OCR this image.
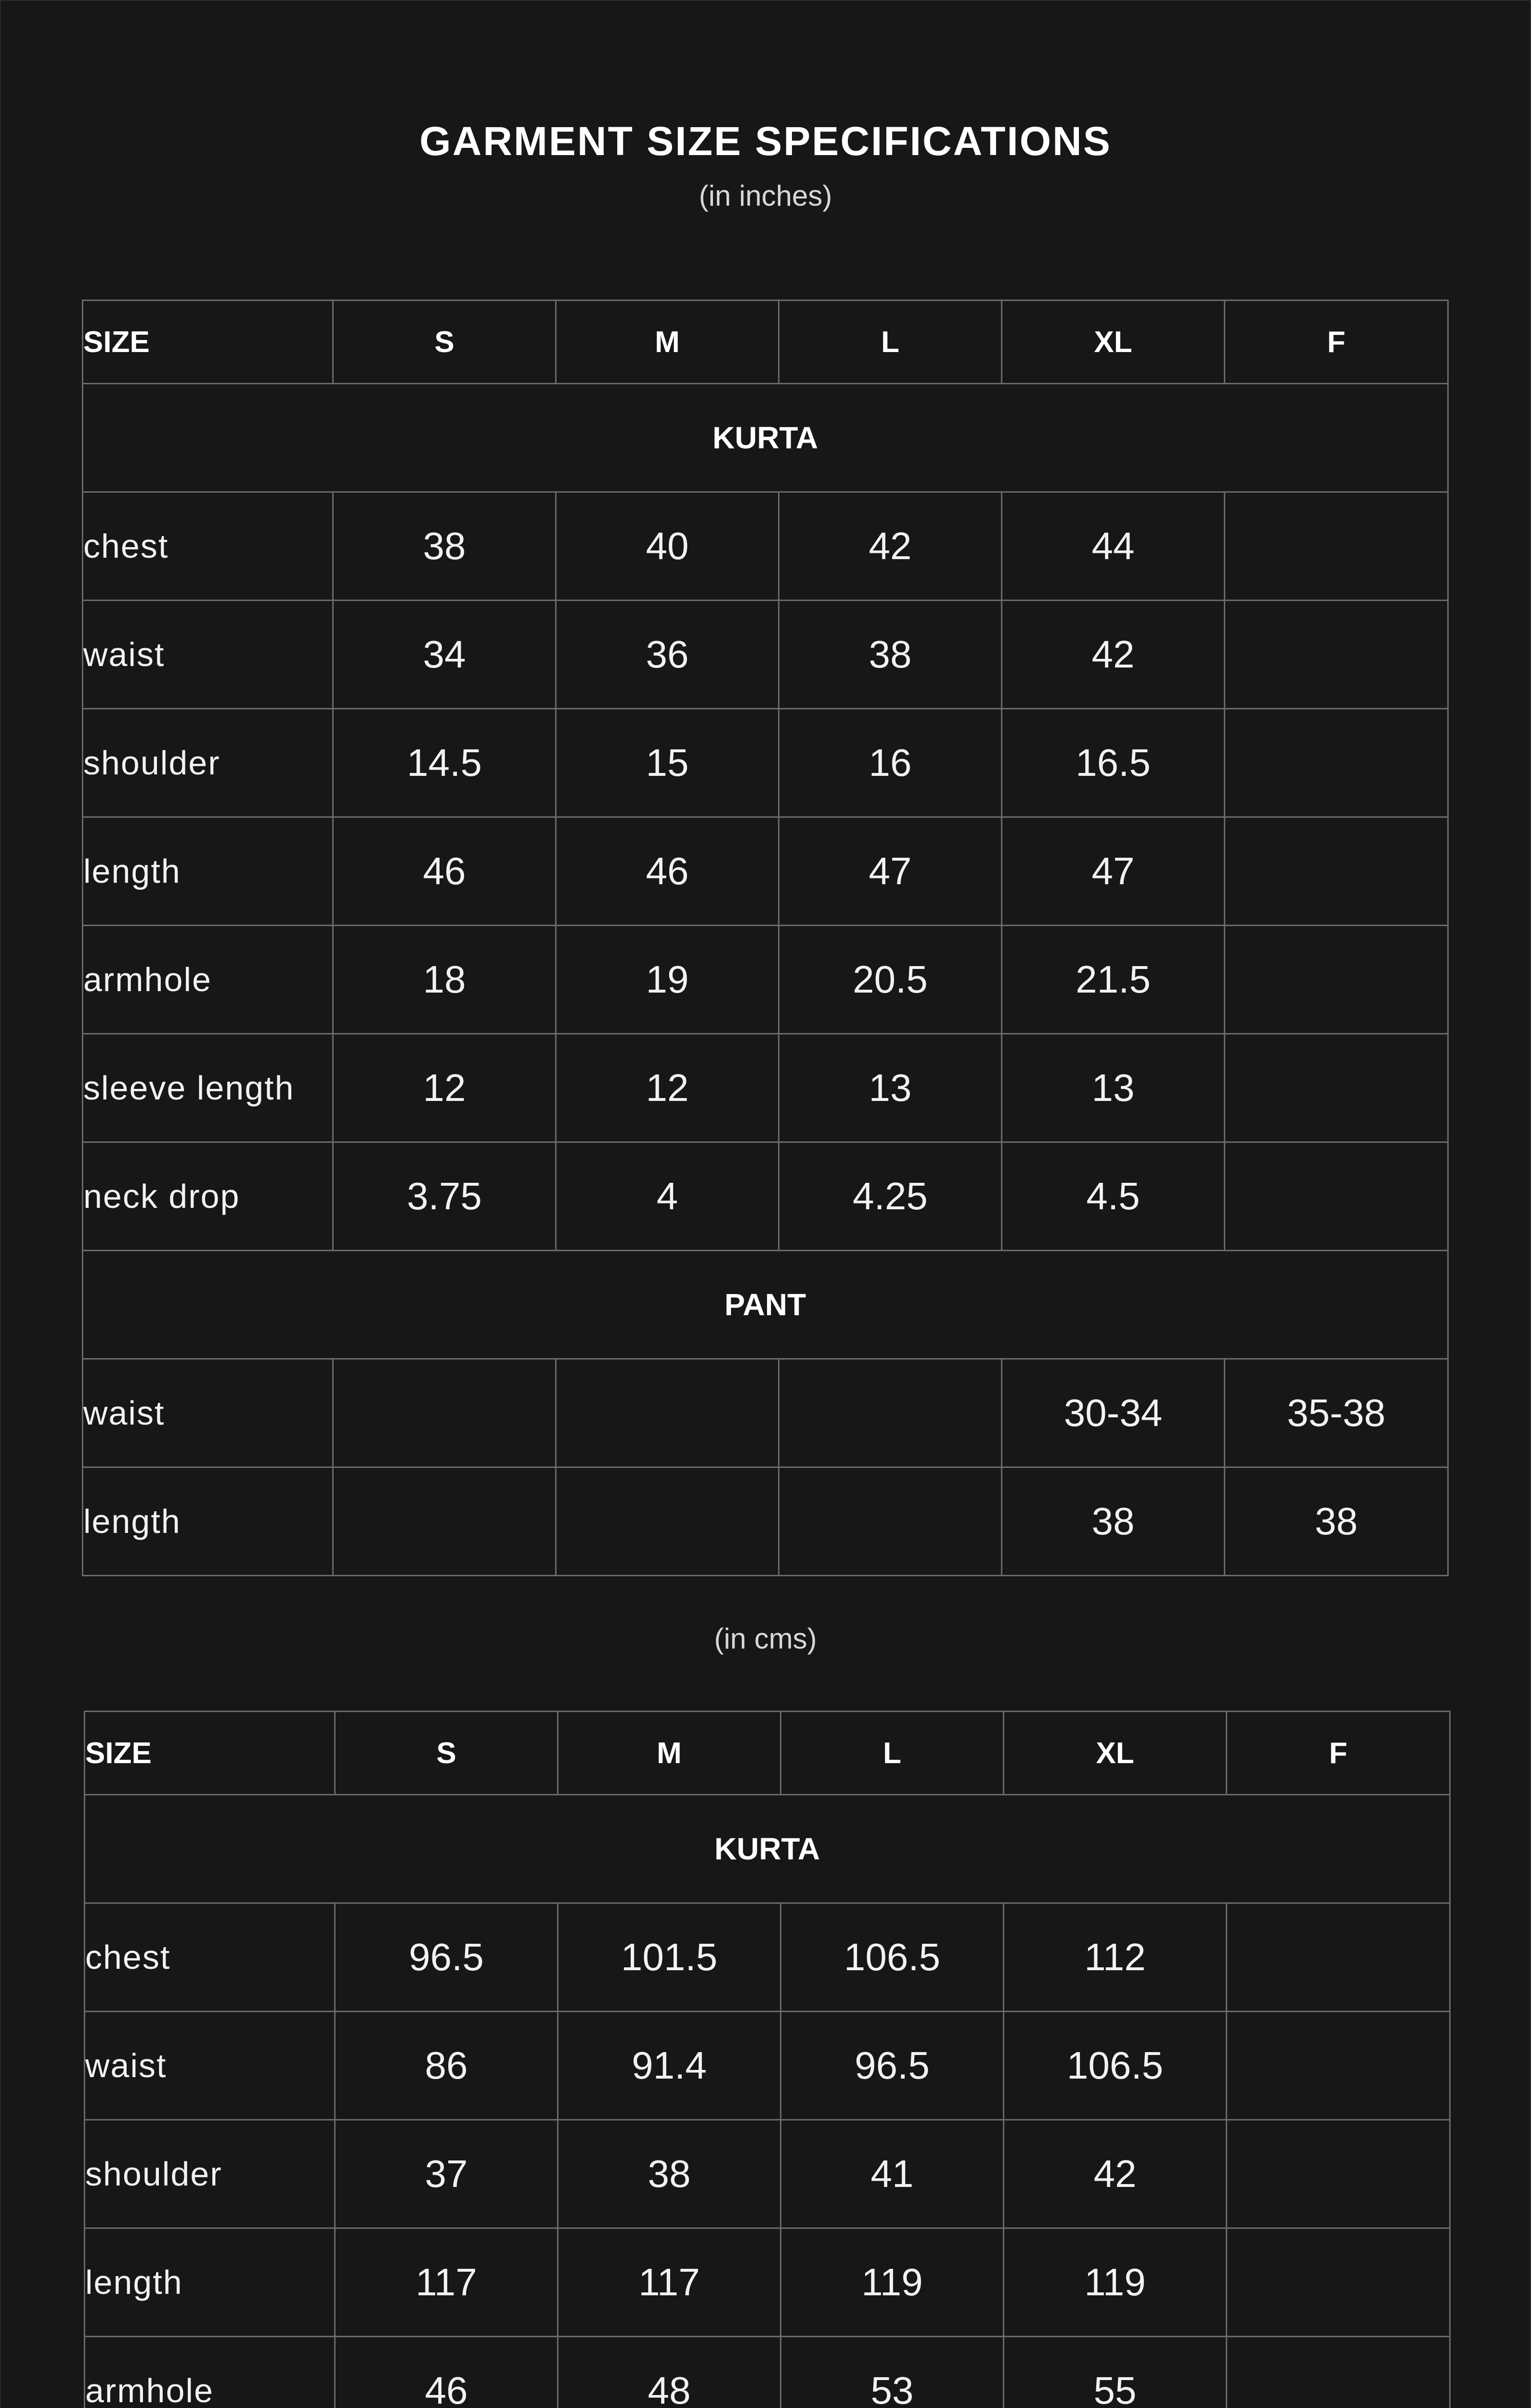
GARMENT SIZE SPECIFICATIONS
(in inches)
SIZE	S	M	L	XL	F
KURTA					
chest	38	40	42	44	
waist	34	36	38	42	
shoulder	14.5	15	16	16.5	
length	46	46	47	47	
armhole	18	19	20.5	21.5	
sleeve length	12	12	13	13	
neck drop	3.75	4	4.25	4.5	
PANT					
waist				30-34	35-38
length				38	38
(in cms)
SIZE	S	M	L	XL	F
KURTA					
chest	96.5	101.5	106.5	112	
waist	86	91.4	96.5	106.5	
shoulder	37	38	41	42	
length	117	117	119	119	
armhole	46	48	53	55	
